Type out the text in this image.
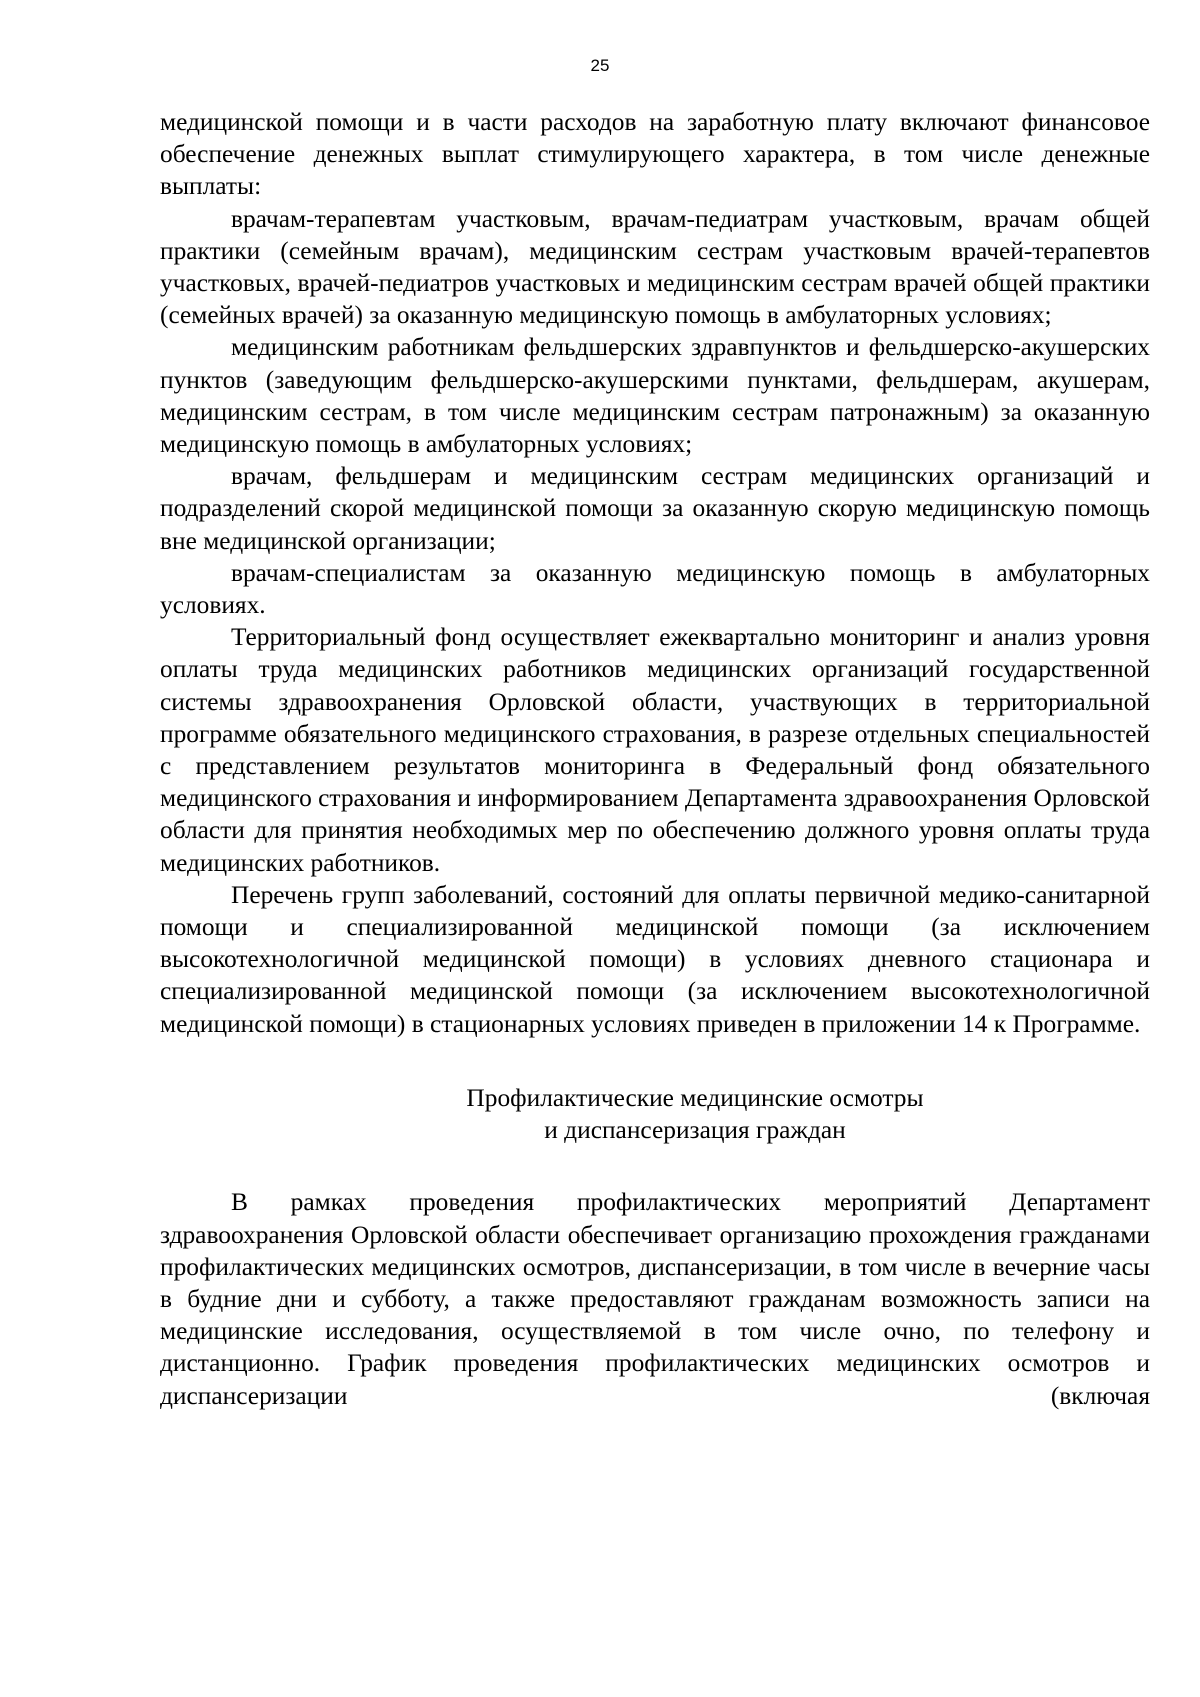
25

медицинской помощи и в части расходов на заработную плату включают финансовое обеспечение денежных выплат стимулирующего характера, в том числе денежные выплаты:

врачам-терапевтам участковым, врачам-педиатрам участковым, врачам общей практики (семейным врачам), медицинским сестрам участковым врачей-терапевтов участковых, врачей-педиатров участковых и медицинским сестрам врачей общей практики (семейных врачей) за оказанную медицинскую помощь в амбулаторных условиях;

медицинским работникам фельдшерских здравпунктов и фельдшерско-акушерских пунктов (заведующим фельдшерско-акушерскими пунктами, фельдшерам, акушерам, медицинским сестрам, в том числе медицинским сестрам патронажным) за оказанную медицинскую помощь в амбулаторных условиях;

врачам, фельдшерам и медицинским сестрам медицинских организаций и подразделений скорой медицинской помощи за оказанную скорую медицинскую помощь вне медицинской организации;

врачам-специалистам за оказанную медицинскую помощь в амбулаторных условиях.

Территориальный фонд осуществляет ежеквартально мониторинг и анализ уровня оплаты труда медицинских работников медицинских организаций государственной системы здравоохранения Орловской области, участвующих в территориальной программе обязательного медицинского страхования, в разрезе отдельных специальностей с представлением результатов мониторинга в Федеральный фонд обязательного медицинского страхования и информированием Департамента здравоохранения Орловской области для принятия необходимых мер по обеспечению должного уровня оплаты труда медицинских работников.

Перечень групп заболеваний, состояний для оплаты первичной медико-санитарной помощи и специализированной медицинской помощи (за исключением высокотехнологичной медицинской помощи) в условиях дневного стационара и специализированной медицинской помощи (за исключением высокотехнологичной медицинской помощи) в стационарных условиях приведен в приложении 14 к Программе.

Профилактические медицинские осмотры
и диспансеризация граждан

В рамках проведения профилактических мероприятий Департамент здравоохранения Орловской области обеспечивает организацию прохождения гражданами профилактических медицинских осмотров, диспансеризации, в том числе в вечерние часы в будние дни и субботу, а также предоставляют гражданам возможность записи на медицинские исследования, осуществляемой в том числе очно, по телефону и дистанционно. График проведения профилактических медицинских осмотров и диспансеризации (включая
